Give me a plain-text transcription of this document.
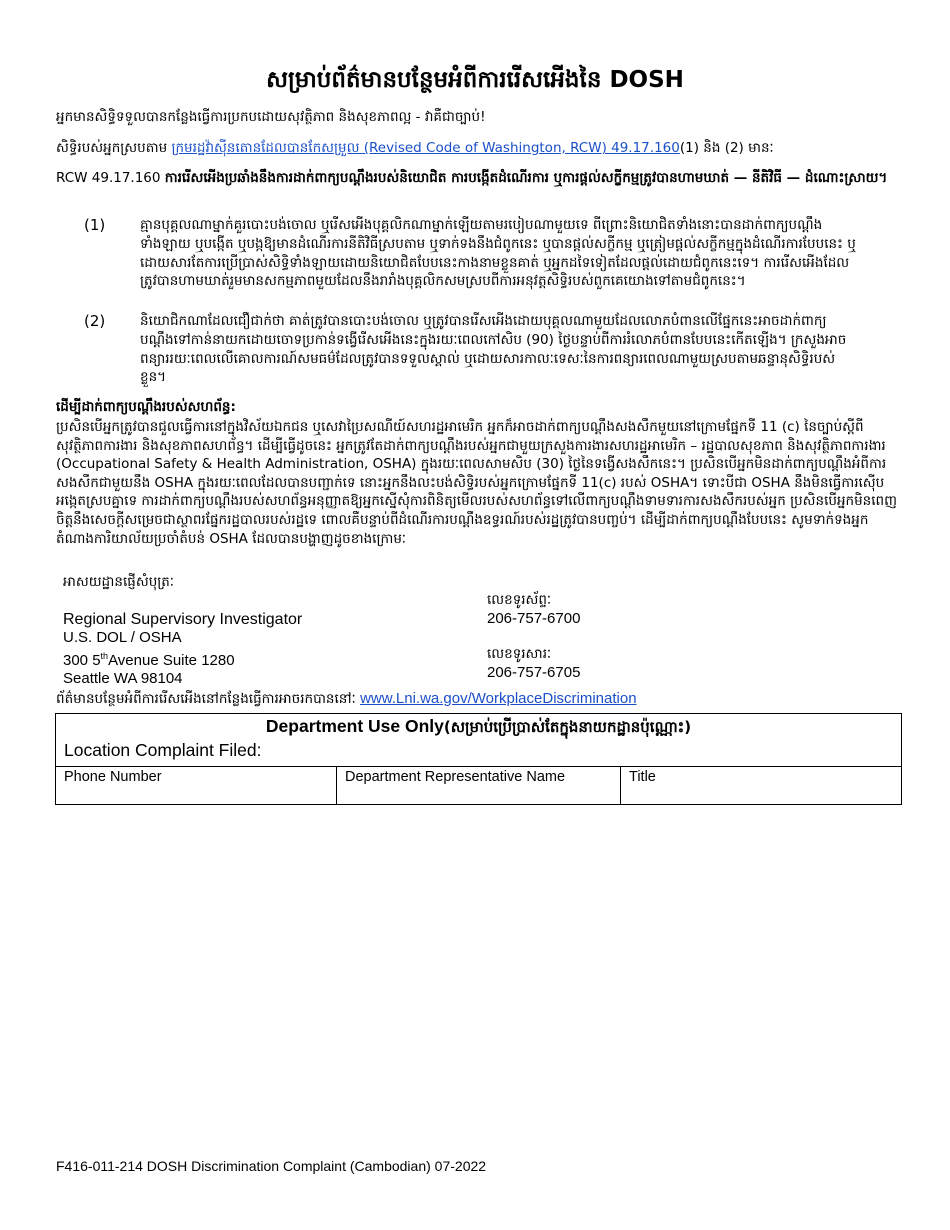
សម្រាប់ព័ត៌មានបន្ថែមអំពីការរើសអើងនៃ DOSH
អ្នកមានសិទ្ធិទទួលបានកន្លែងធ្វើការប្រកបដោយសុវត្ថិភាព និងសុខភាពល្អ - វាគឺជាច្បាប់!
សិទ្ធិរបស់អ្នកស្របតាម ក្រមរដ្ឋវ៉ាស៊ីនតោនដែលបានកែសម្រួល (Revised Code of Washington, RCW) 49.17.160(1) និង (2) មានៈ
RCW 49.17.160 ការរើសអើងប្រឆាំងនឹងការដាក់ពាក្យបណ្តឹងរបស់និយោជិត ការបង្កើតដំណើរការ ឬការផ្តល់សក្ខីកម្មត្រូវបានហាមឃាត់ — នីតិវិធី — ដំណោះស្រាយ។
(1)	គ្មានបុគ្គលណាម្នាក់គួរបោះបង់ចោល ឬរើសអើងបុគ្គលិកណាម្នាក់ឡើយតាមរបៀបណាមួយទេ ពីព្រោះនិយោជិតទាំងនោះបានដាក់ពាក្យបណ្តឹងទាំងឡាយ ឬបង្កើត ឬបង្កឱ្យមានដំណើរការនីតិវិធីស្របតាម ឬទាក់ទងនឹងជំពូកនេះ ឬបានផ្តល់សក្ខីកម្ម ឬត្រៀមផ្តល់សក្ខីកម្មក្នុងដំណើរការបែបនេះ ឬដោយសារតែការប្រើប្រាស់សិទ្ធិទាំងឡាយដោយនិយោជិតបែបនេះកាងនាមខ្លួនគាត់ ឬអ្នកដទៃទៀតដែលផ្តល់ដោយជំពូកនេះទេ។ ការរើសអើងដែលត្រូវបានហាមឃាត់រួមមានសកម្មភាពមួយដែលនឹងរារាំងបុគ្គលិកសមស្របពីការអនុវត្តសិទ្ធិរបស់ពួកគេយោងទៅតាមជំពូកនេះ។
(2)	និយោជិកណាដែលជឿជាក់ថា គាត់ត្រូវបានបោះបង់ចោល ឬត្រូវបានរើសអើងដោយបុគ្គលណាមួយដែលលោភបំពានលើផ្នែកនេះអាចដាក់ពាក្យបណ្តឹងទៅកាន់នាយកដោយចោទប្រកាន់ទង្វើរើសអើងនេះក្នុងរយៈពេលកៅសិប (90) ថ្ងៃបន្ទាប់ពីការរំលោភបំពានបែបនេះកើតឡើង។ ក្រសួងអាចពន្យាររយៈពេលលើគោលការណ៍សមធម៌ដែលត្រូវបានទទួលស្គាល់ ឬដោយសារកាលៈទេសៈនៃការពន្យារពេលណាមួយស្របតាមឆន្ទានុសិទ្ធិរបស់ខ្លួន។
ដើម្បីដាក់ពាក្យបណ្តឹងរបស់សហព័ន្ធ:
ប្រសិនបើអ្នកត្រូវបានជួលធ្វើការនៅក្នុងវិស័យឯកជន ឬសេវាប្រៃសណីយ៍សហរដ្ឋអាមេរិក អ្នកក៏អាចដាក់ពាក្យបណ្តឹងសងសឹកមួយនៅក្រោមផ្នែកទី 11 (c) នៃច្បាប់ស្តីពីសុវត្ថិភាពការងារ និងសុខភាពសហព័ន្ធ។ ដើម្បីធ្វើដូចនេះ អ្នកត្រូវតែដាក់ពាក្យបណ្តឹងរបស់អ្នកជាមួយក្រសួងការងារសហរដ្ឋអាមេរិក – រដ្ឋបាលសុខភាព និងសុវត្ថិភាពការងារ (Occupational Safety & Health Administration, OSHA) ក្នុងរយៈពេលសាមសិប (30) ថ្ងៃនៃទង្វើសងសឹកនេះ។ ប្រសិនបើអ្នកមិនដាក់ពាក្យបណ្តឹងអំពីការសងសឹកជាមួយនឹង OSHA ក្នុងរយៈពេលដែលបានបញ្ជាក់ទេ នោះអ្នកនឹងលះបង់សិទ្ធិរបស់អ្នកក្រោមផ្នែកទី 11(c) របស់ OSHA។ ទោះបីជា OSHA នឹងមិនធ្វើការស៊ើបអង្កេតស្របគ្នាទេ ការដាក់ពាក្យបណ្តឹងរបស់សហព័ន្ធអនុញ្ញាតឱ្យអ្នកស្នើសុំការពិនិត្យមើលរបស់សហព័ន្ធទៅលើពាក្យបណ្តឹងទាមទារការសងសឹករបស់អ្នក ប្រសិនបើអ្នកមិនពេញចិត្តនឹងសេចក្តីសម្រេចជាស្ថាពរផ្នែករដ្ឋបាលរបស់រដ្ឋទេ ពោលគឺបន្ទាប់ពីដំណើរការបណ្តឹងឧទ្ធរណ៍របស់រដ្ឋត្រូវបានបញ្ចប់។ ដើម្បីដាក់ពាក្យបណ្តឹងបែបនេះ សូមទាក់ទងអ្នកតំណាងការិយាល័យប្រចាំតំបន់ OSHA ដែលបានបង្ហាញដូចខាងក្រោមៈ
អាសយដ្ឋានផ្ញើសំបុត្រៈ
Regional Supervisory Investigator
U.S. DOL / OSHA
300 5thAvenue Suite 1280
Seattle WA 98104
លេខទូរស័ព្ទៈ
206-757-6700
លេខទូរសារៈ
206-757-6705
ព័ត៌មានបន្ថែមអំពីការរើសអើងនៅកន្លែងធ្វើការអាចរកបាននៅៈ www.Lni.wa.gov/WorkplaceDiscrimination
Department Use Only(សម្រាប់ប្រើប្រាស់តែក្នុងនាយកដ្ឋានប៉ុណ្ណោះ)
Location Complaint Filed:

Phone Number	Department Representative Name	Title
F416-011-214 DOSH Discrimination Complaint (Cambodian) 07-2022
